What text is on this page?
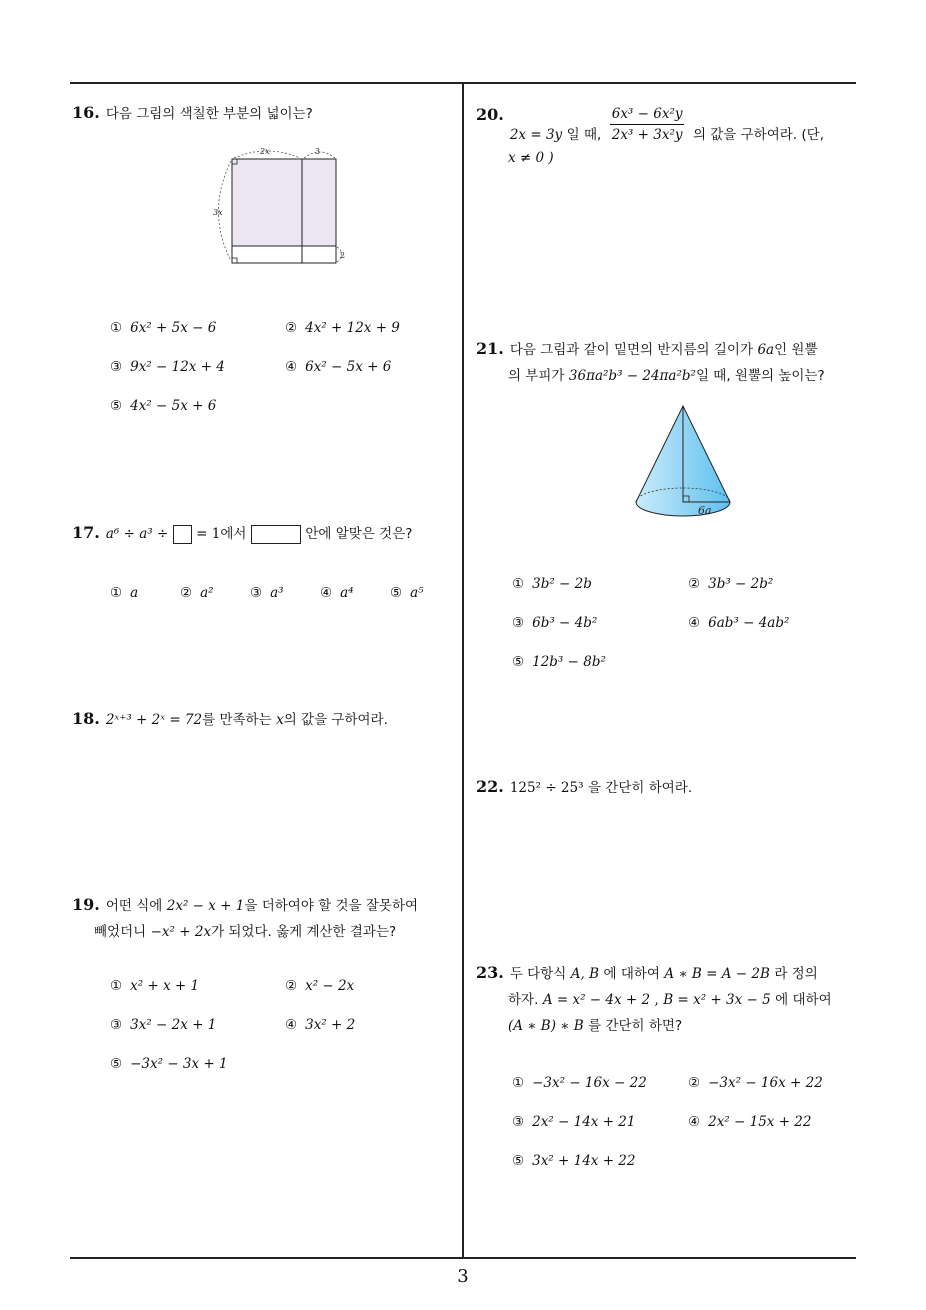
16. 다음 그림의 색칠한 부분의 넓이는?
2x	3
3x
2
① 6x² + 5x − 6	② 4x² + 12x + 9
③ 9x² − 12x + 4	④ 6x² − 5x + 6
⑤ 4x² − 5x + 6
17. a⁶ ÷ a³ ÷ = 1에서	안에 알맞은 것은?
① a	② a²	③ a³	④ a⁴	⑤ a⁵
18. 2ˣ⁺³ + 2ˣ = 72를 만족하는 x의 값을 구하여라.
19. 어떤 식에 2x² − x + 1을 더하여야 할 것을 잘못하여
빼었더니 −x² + 2x가 되었다. 옳게 계산한 결과는?
① x² + x + 1	② x² − 2x
③ 3x² − 2x + 1	④ 3x² + 2
⑤ −3x² − 3x + 1
20.2x = 3y 일 때, $\frac{\text{6x³ − 6x²y}}{\text{2x³ + 3x²y}}$ 의 값을 구하여라. (단,
x ≠ 0 )
21. 다음 그림과 같이 밑면의 반지름의 길이가 6a인 원뿔
의 부피가 36πa²b³ − 24πa²b²일 때, 원뿔의 높이는?
6a
① 3b² − 2b	② 3b³ − 2b²
③ 6b³ − 4b²	④ 6ab³ − 4ab²
⑤ 12b³ − 8b²
22. 125² ÷ 25³ 을 간단히 하여라.
23. 두 다항식 A, B 에 대하여 A ∗ B = A − 2B 라 정의
하자. A = x² − 4x + 2 , B = x² + 3x − 5 에 대하여
(A ∗ B) ∗ B 를 간단히 하면?
① −3x² − 16x − 22	② −3x² − 16x + 22
③ 2x² − 14x + 21	④ 2x² − 15x + 22
⑤ 3x² + 14x + 22
3
